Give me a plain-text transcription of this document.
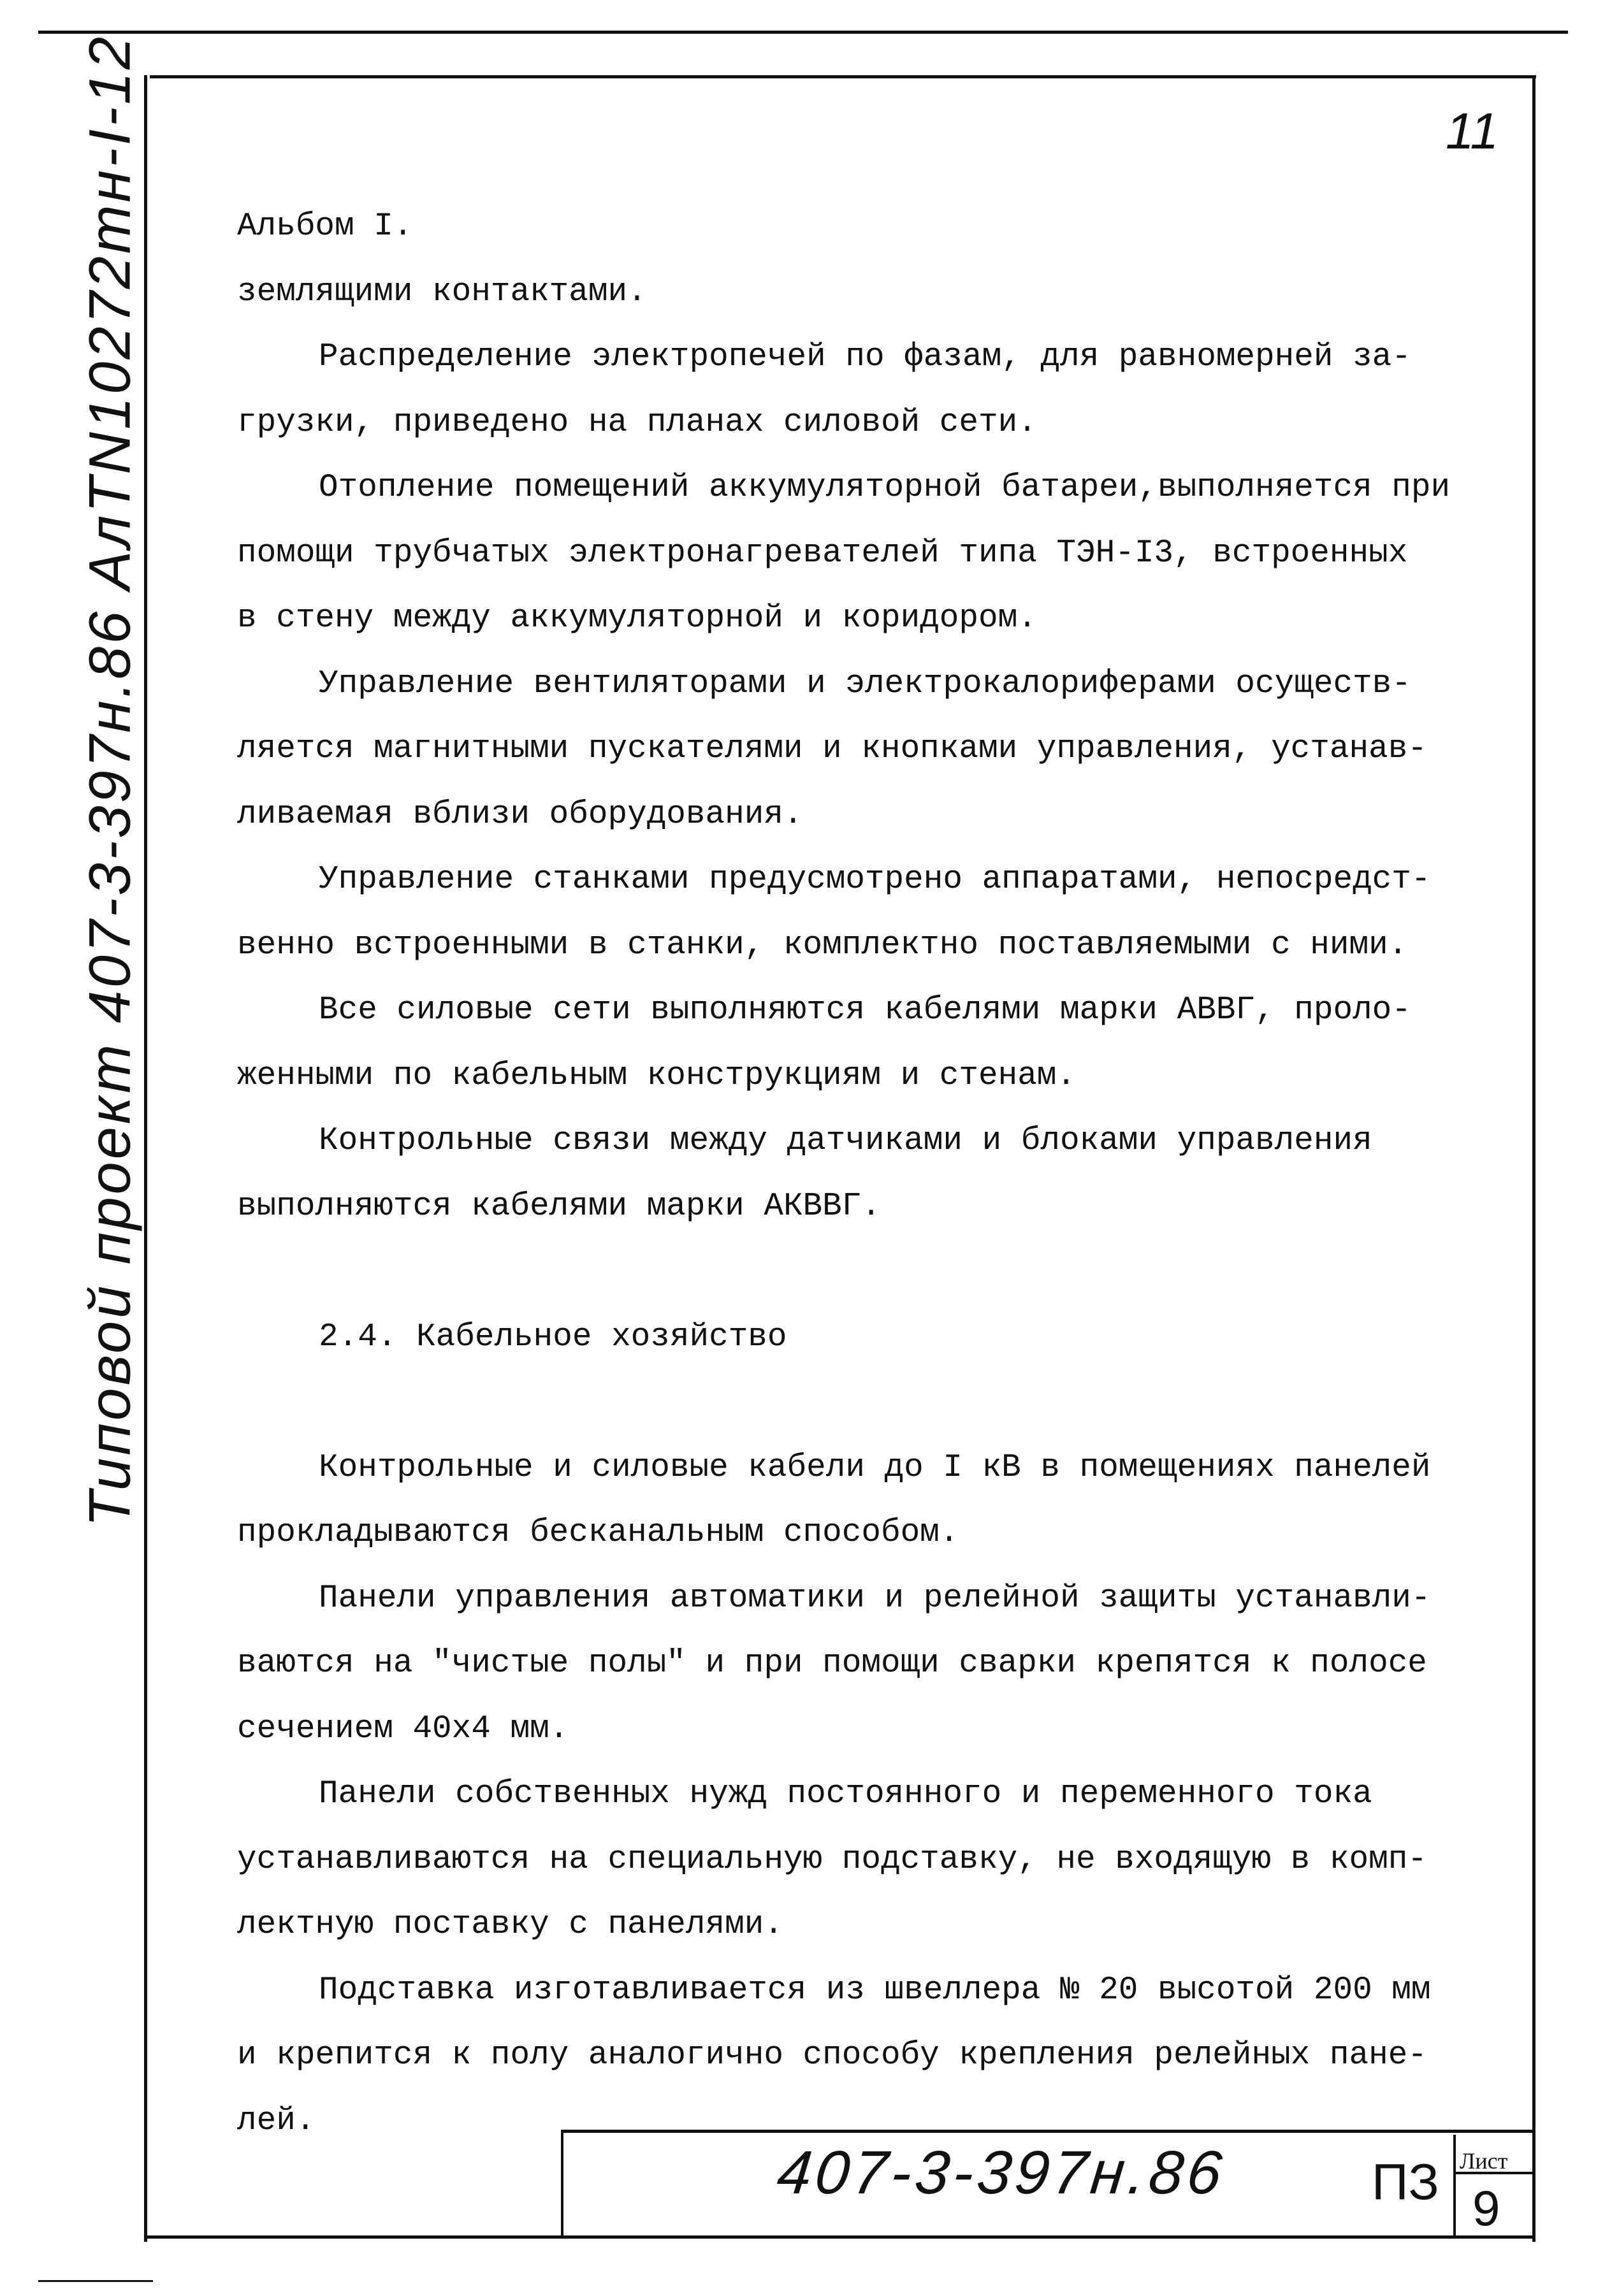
Типовой проект 407-3-397н.86 АлТN10272тн-I-12	11
Альбом I.
землящими контактами.
Распределение электропечей по фазам, для равномерней за-
грузки, приведено на планах силовой сети.
Отопление помещений аккумуляторной батареи,выполняется при
помощи трубчатых электронагревателей типа ТЭН-I3, встроенных
в стену между аккумуляторной и коридором.
Управление вентиляторами и электрокалориферами осуществ-
ляется магнитными пускателями и кнопками управления, устанав-
ливаемая вблизи оборудования.
Управление станками предусмотрено аппаратами, непосредст-
венно встроенными в станки, комплектно поставляемыми с ними.
Все силовые сети выполняются кабелями марки АВВГ, проло-
женными по кабельным конструкциям и стенам.
Контрольные связи между датчиками и блоками управления
выполняются кабелями марки АКВВГ.
2.4. Кабельное хозяйство
Контрольные и силовые кабели до I кВ в помещениях панелей
прокладываются бесканальным способом.
Панели управления автоматики и релейной защиты устанавли-
ваются на "чистые полы" и при помощи сварки крепятся к полосе
сечением 40х4 мм.
Панели собственных нужд постоянного и переменного тока
устанавливаются на специальную подставку, не входящую в комп-
лектную поставку с панелями.
Подставка изготавливается из швеллера № 20 высотой 200 мм
и крепится к полу аналогично способу крепления релейных пане-
лей.
407-3-397н.86	ПЗ Лист
9
